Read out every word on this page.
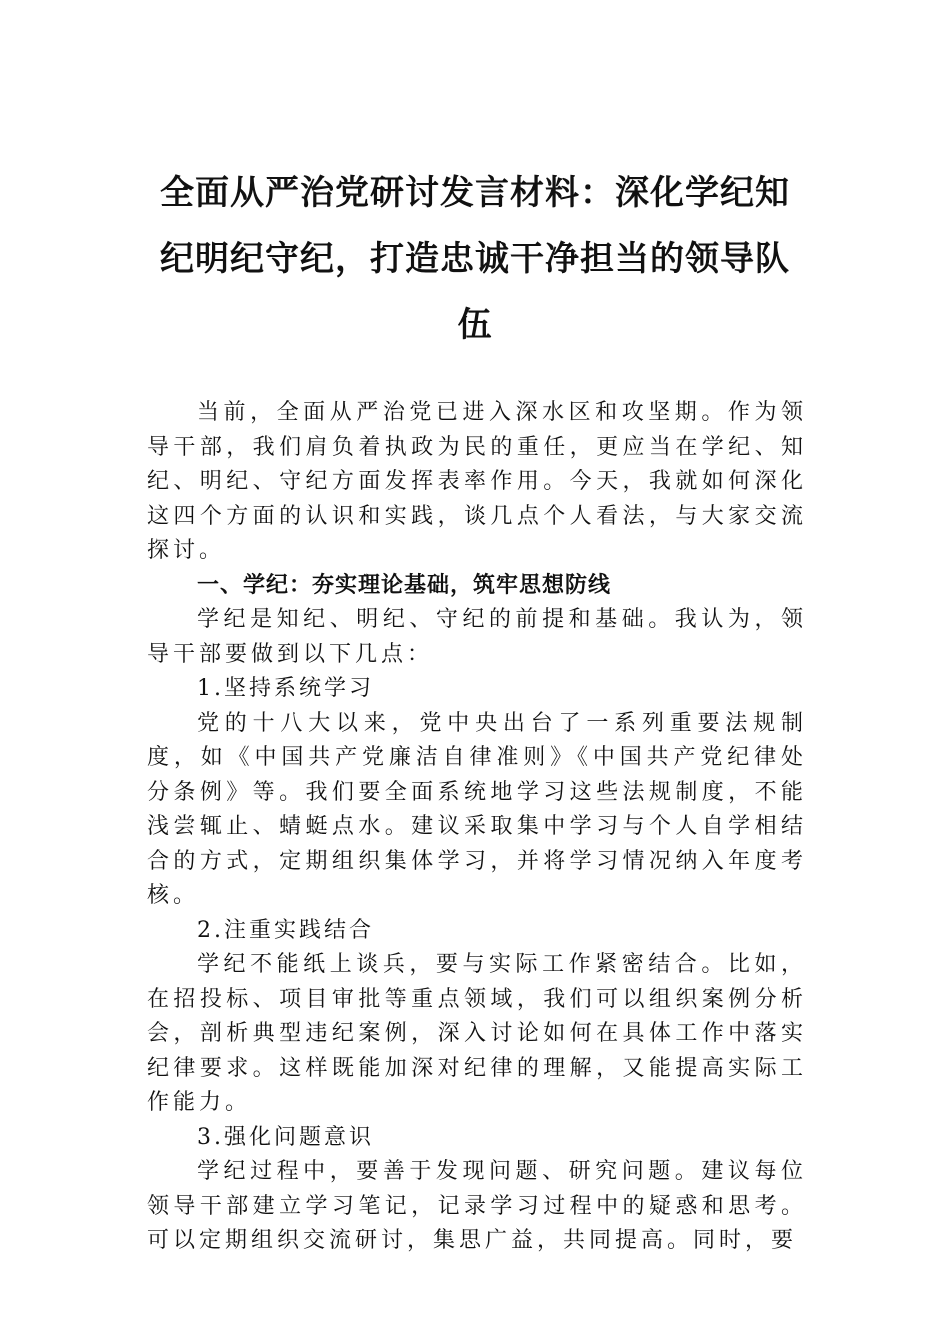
全面从严治党研讨发言材料：深化学纪知纪明纪守纪，打造忠诚干净担当的领导队伍

当前，全面从严治党已进入深水区和攻坚期。作为领导干部，我们肩负着执政为民的重任，更应当在学纪、知纪、明纪、守纪方面发挥表率作用。今天，我就如何深化这四个方面的认识和实践，谈几点个人看法，与大家交流探讨。

一、学纪：夯实理论基础，筑牢思想防线

学纪是知纪、明纪、守纪的前提和基础。我认为，领导干部要做到以下几点：

1.坚持系统学习

党的十八大以来，党中央出台了一系列重要法规制度，如《中国共产党廉洁自律准则》《中国共产党纪律处分条例》等。我们要全面系统地学习这些法规制度，不能浅尝辄止、蜻蜓点水。建议采取集中学习与个人自学相结合的方式，定期组织集体学习，并将学习情况纳入年度考核。

2.注重实践结合

学纪不能纸上谈兵，要与实际工作紧密结合。比如，在招投标、项目审批等重点领域，我们可以组织案例分析会，剖析典型违纪案例，深入讨论如何在具体工作中落实纪律要求。这样既能加深对纪律的理解，又能提高实际工作能力。

3.强化问题意识

学纪过程中，要善于发现问题、研究问题。建议每位领导干部建立学习笔记，记录学习过程中的疑惑和思考。可以定期组织交流研讨，集思广益，共同提高。同时，要
